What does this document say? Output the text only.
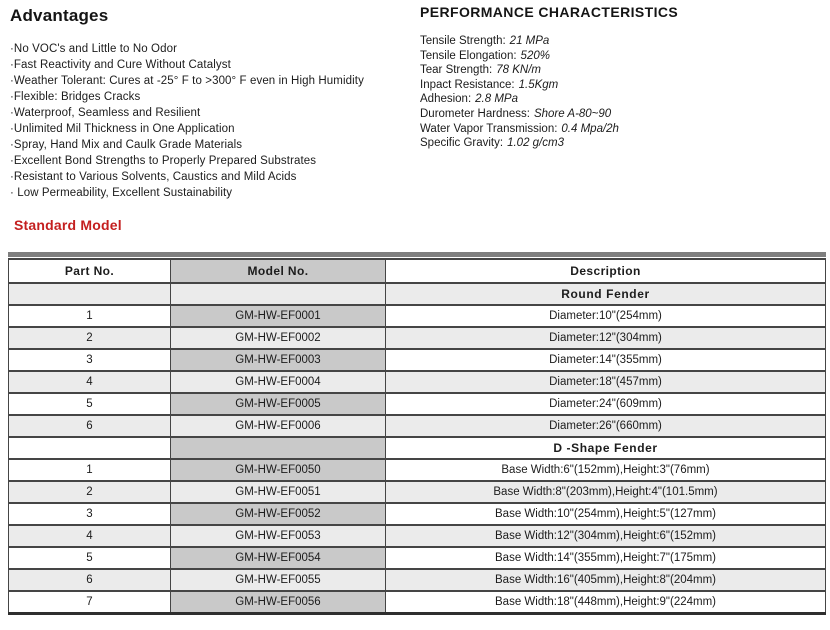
Advantages
·No VOC's and Little to No Odor
·Fast Reactivity and Cure Without Catalyst
·Weather Tolerant: Cures at -25° F to >300° F even in High Humidity
·Flexible: Bridges Cracks
·Waterproof, Seamless and Resilient
·Unlimited Mil Thickness in One Application
·Spray, Hand Mix and Caulk Grade Materials
·Excellent Bond Strengths to Properly Prepared Substrates
·Resistant to Various Solvents, Caustics and Mild Acids
· Low Permeability, Excellent Sustainability
PERFORMANCE CHARACTERISTICS
Tensile Strength: 21 MPa
Tensile Elongation: 520%
Tear Strength: 78 KN/m
Inpact Resistance: 1.5Kgm
Adhesion: 2.8 MPa
Durometer Hardness: Shore A-80~90
Water Vapor Transmission: 0.4 Mpa/2h
Specific Gravity: 1.02 g/cm3
Standard Model
Part No.	Model No.	Description
		Round Fender
1	GM-HW-EF0001	Diameter:10"(254mm)
2	GM-HW-EF0002	Diameter:12"(304mm)
3	GM-HW-EF0003	Diameter:14"(355mm)
4	GM-HW-EF0004	Diameter:18"(457mm)
5	GM-HW-EF0005	Diameter:24"(609mm)
6	GM-HW-EF0006	Diameter:26"(660mm)
		D -Shape Fender
1	GM-HW-EF0050	Base Width:6"(152mm),Height:3"(76mm)
2	GM-HW-EF0051	Base Width:8"(203mm),Height:4"(101.5mm)
3	GM-HW-EF0052	Base Width:10"(254mm),Height:5"(127mm)
4	GM-HW-EF0053	Base Width:12"(304mm),Height:6"(152mm)
5	GM-HW-EF0054	Base Width:14"(355mm),Height:7"(175mm)
6	GM-HW-EF0055	Base Width:16"(405mm),Height:8"(204mm)
7	GM-HW-EF0056	Base Width:18"(448mm),Height:9"(224mm)
